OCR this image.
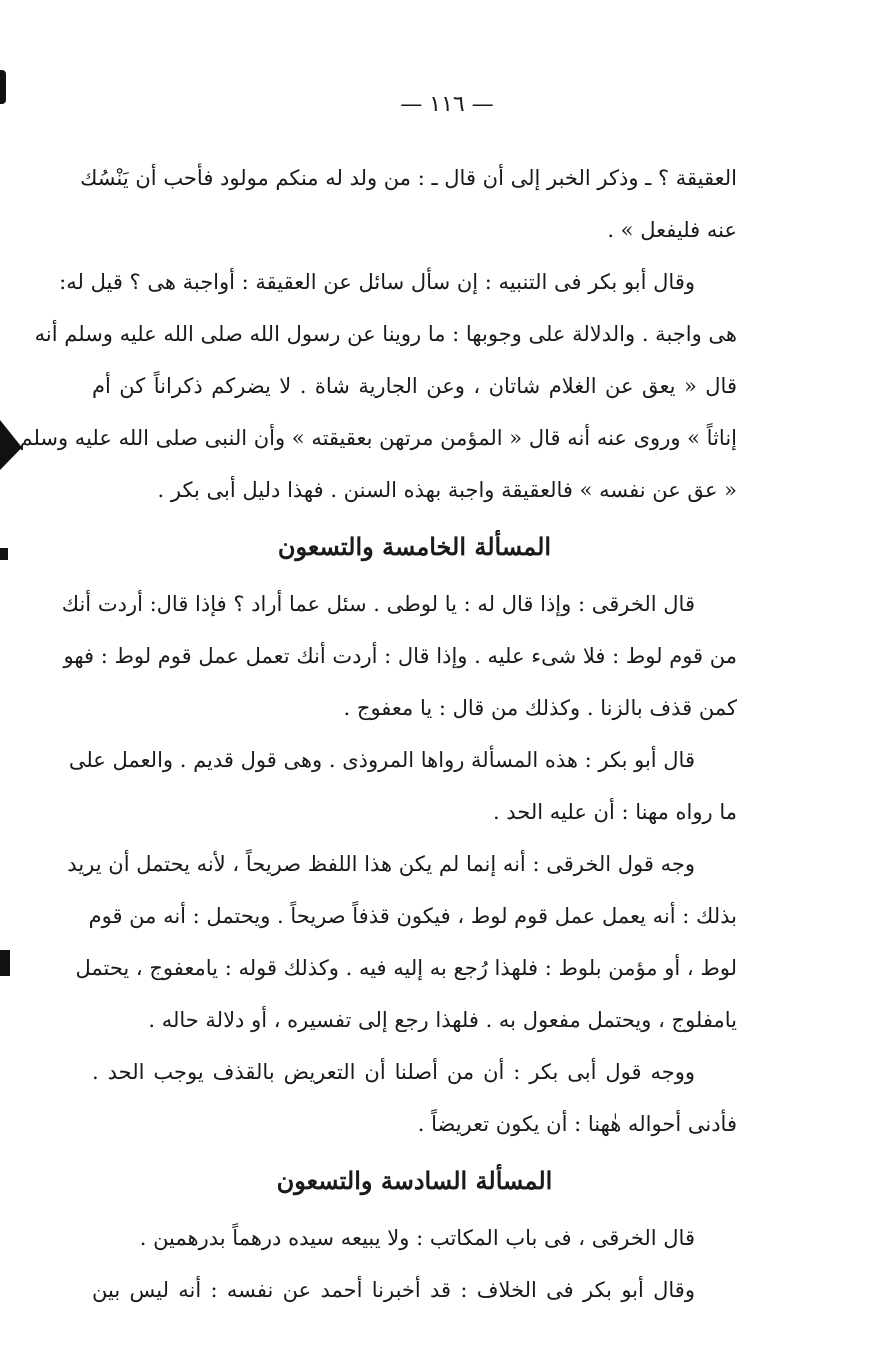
— ١١٦ —
العقيقة ؟ ـ وذكر الخبر إلى أن قال ـ : من ولد له منكم مولود فأحب أن يَنْسُك
عنه فليفعل » .
وقال أبو بكر فى التنبيه : إن سأل سائل عن العقيقة : أواجبة هى ؟ قيل له:
هى واجبة . والدلالة على وجوبها : ما روينا عن رسول الله صلى الله عليه وسلم أنه
قال « يعق عن الغلام شاتان ، وعن الجارية شاة . لا يضركم ذكراناً كن أم
إناثاً » وروى عنه أنه قال « المؤمن مرتهن بعقيقته » وأن النبى صلى الله عليه وسلم
« عق عن نفسه » فالعقيقة واجبة بهذه السنن . فهذا دليل أبى بكر .
المسألة الخامسة والتسعون
قال الخرقى : وإذا قال له : يا لوطى . سئل عما أراد ؟ فإذا قال: أردت أنك
من قوم لوط : فلا شىء عليه . وإذا قال : أردت أنك تعمل عمل قوم لوط : فهو
كمن قذف بالزنا . وكذلك من قال : يا معفوج .
قال أبو بكر : هذه المسألة رواها المروذى . وهى قول قديم . والعمل على
ما رواه مهنا : أن عليه الحد .
وجه قول الخرقى : أنه إنما لم يكن هذا اللفظ صريحاً ، لأنه يحتمل أن يريد
بذلك : أنه يعمل عمل قوم لوط ، فيكون قذفاً صريحاً . ويحتمل : أنه من قوم
لوط ، أو مؤمن بلوط : فلهذا رُجع به إليه فيه . وكذلك قوله : يامعفوج ، يحتمل
يامفلوج ، ويحتمل مفعول به . فلهذا رجع إلى تفسيره ، أو دلالة حاله .
ووجه قول أبى بكر : أن من أصلنا أن التعريض بالقذف يوجب الحد .
فأدنى أحواله هٰهنا : أن يكون تعريضاً .
المسألة السادسة والتسعون
قال الخرقى ، فى باب المكاتب : ولا يبيعه سيده درهماً بدرهمين .
وقال أبو بكر فى الخلاف : قد أخبرنا أحمد عن نفسه : أنه ليس بين
